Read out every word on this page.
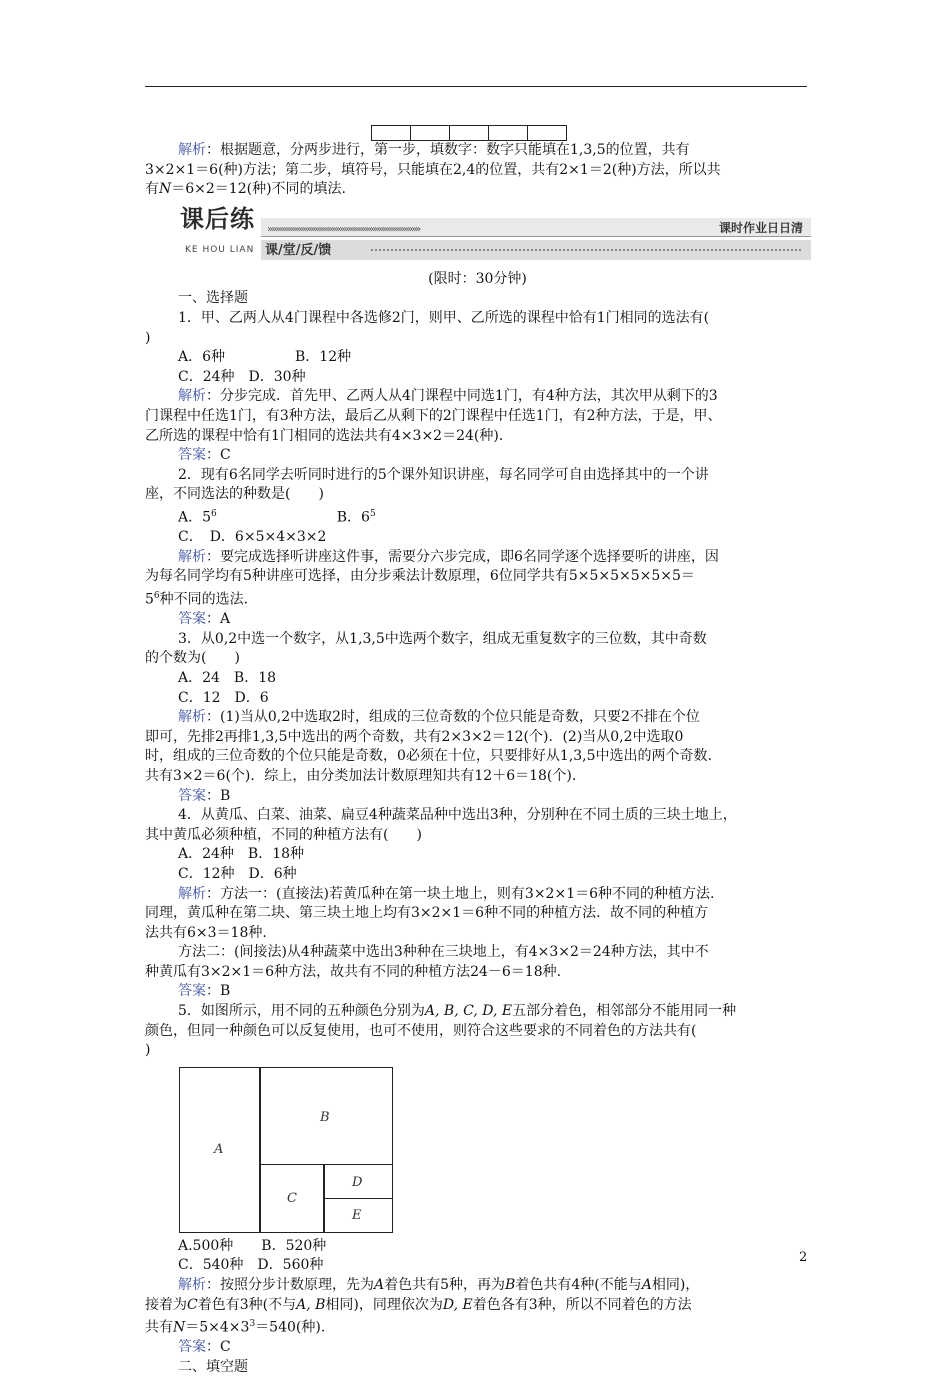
解析：根据题意，分两步进行，第一步，填数字：数字只能填在1,3,5的位置，共有

3×2×1＝6(种)方法；第二步，填符号，只能填在2,4的位置，共有2×1＝2(种)方法，所以共

有N＝6×2＝12(种)不同的填法.

课后练
KE HOU LIAN
»»»»»»»»»»»»»»»»»»»»»»»»»»»»»»»»»»»»»	课时作业日日清
课/堂/反/馈

(限时：30分钟)

一、选择题

1．甲、乙两人从4门课程中各选修2门，则甲、乙所选的课程中恰有1门相同的选法有(

)

A．6种　　　　　B．12种

C．24种　D．30种

解析：分步完成．首先甲、乙两人从4门课程中同选1门，有4种方法，其次甲从剩下的3

门课程中任选1门，有3种方法，最后乙从剩下的2门课程中任选1门，有2种方法，于是，甲、

乙所选的课程中恰有1门相同的选法共有4×3×2＝24(种)．

答案：C

2．现有6名同学去听同时进行的5个课外知识讲座，每名同学可自由选择其中的一个讲

座，不同选法的种数是(　　)

A．$5^6$	B．$6^5$

C．　D．6×5×4×3×2

解析：要完成选择听讲座这件事，需要分六步完成，即6名同学逐个选择要听的讲座，因

为每名同学均有5种讲座可选择，由分步乘法计数原理，6位同学共有5×5×5×5×5×5＝

$5^6$种不同的选法.

答案：A

3．从0,2中选一个数字，从1,3,5中选两个数字，组成无重复数字的三位数，其中奇数

的个数为(　　)

A．24　B．18

C．12　D．6

解析：(1)当从0,2中选取2时，组成的三位奇数的个位只能是奇数，只要2不排在个位

即可，先排2再排1,3,5中选出的两个奇数，共有2×3×2＝12(个)．(2)当从0,2中选取0

时，组成的三位奇数的个位只能是奇数，0必须在十位，只要排好从1,3,5中选出的两个奇数.

共有3×2＝6(个)．综上，由分类加法计数原理知共有12＋6＝18(个).

答案：B

4．从黄瓜、白菜、油菜、扁豆4种蔬菜品种中选出3种，分别种在不同土质的三块土地上，

其中黄瓜必须种植，不同的种植方法有(　　)

A．24种　B．18种

C．12种　D．6种

解析：方法一：(直接法)若黄瓜种在第一块土地上，则有3×2×1＝6种不同的种植方法.

同理，黄瓜种在第二块、第三块土地上均有3×2×1＝6种不同的种植方法．故不同的种植方

法共有6×3＝18种.

方法二：(间接法)从4种蔬菜中选出3种种在三块地上，有4×3×2＝24种方法，其中不

种黄瓜有3×2×1＝6种方法，故共有不同的种植方法24－6＝18种.

答案：B

5．如图所示，用不同的五种颜色分别为A, B, C, D, E五部分着色，相邻部分不能用同一种

颜色，但同一种颜色可以反复使用，也可不使用，则符合这些要求的不同着色的方法共有(

)

A
B
C
D
E

A.500种　　B．520种

C．540种　D．560种

解析：按照分步计数原理，先为A着色共有5种，再为B着色共有4种(不能与A相同)，

接着为C着色有3种(不与A, B相同)，同理依次为D, E着色各有3种，所以不同着色的方法

共有$N=5\times 4\times 3^3=540$(种).

答案：C

二、填空题

2
